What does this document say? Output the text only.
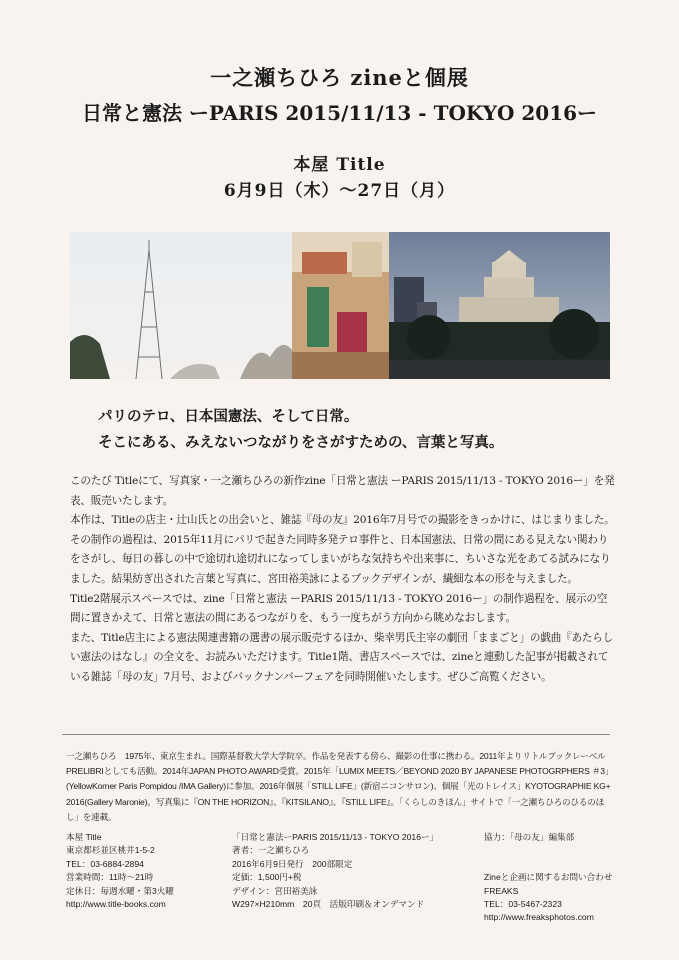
一之瀬ちひろ zineと個展
日常と憲法 ーPARIS 2015/11/13 - TOKYO 2016ー
本屋 Title
6月9日（木）〜27日（月）
パリのテロ、日本国憲法、そして日常。
そこにある、みえないつながりをさがすための、言葉と写真。

このたび Titleにて、写真家・一之瀬ちひろの新作zine「日常と憲法 ーPARIS 2015/11/13 - TOKYO 2016ー」を発表、販売いたします。

本作は、Titleの店主・辻山氏との出会いと、雑誌『母の友』2016年7月号での撮影をきっかけに、はじまりました。その制作の過程は、2015年11月にパリで起きた同時多発テロ事件と、日本国憲法、日常の間にある見えない関わりをさがし、毎日の暮しの中で途切れ途切れになってしまいがちな気持ちや出来事に、ちいさな光をあてる試みになりました。結果紡ぎ出された言葉と写真に、宮田裕美詠によるブックデザインが、繊細な本の形を与えました。

Title2階展示スペースでは、zine「日常と憲法 ーPARIS 2015/11/13 - TOKYO 2016ー」の制作過程を、展示の空間に置きかえて、日常と憲法の間にあるつながりを、もう一度ちがう方向から眺めなおします。

また、Title店主による憲法関連書籍の選書の展示販売するほか、柴幸男氏主宰の劇団「ままごと」の戯曲『あたらしい憲法のはなし』の全文を、お読みいただけます。Title1階、書店スペースでは、zineと連動した記事が掲載されている雑誌「母の友」7月号、およびバックナンバーフェアを同時開催いたします。ぜひご高覧ください。

一之瀬ちひろ　1975年、東京生まれ。国際基督教大学大学院卒。作品を発表する傍ら、撮影の仕事に携わる。2011年よりリトルプックレーベル PRELIBRIとしても活動。2014年JAPAN PHOTO AWARD受賞。2015年「LUMIX MEETS／BEYOND 2020 BY JAPANESE PHOTOGRPHERS ＃3」(YellowKorner Paris Pompidou /IMA Gallery)に参加。2016年個展「STILL LIFE」(新宿ニコンサロン)、個展「光のトレイス」KYOTOGRAPHIE KG+ 2016(Gallery Maronie)。写真集に『ON THE HORIZON』、『KITSILANO』、『STILL LIFE』。「くらしのきほん」サイトで「一之瀬ちひろのひるのほし」を連載。
本屋 Title
東京都杉並区桃井1-5-2
TEL：03-6884-2894
営業時間：11時〜21時
定休日：毎週水曜・第3火曜
http://www.title-books.com
「日常と憲法ーPARIS 2015/11/13 - TOKYO 2016ー」
著者：一之瀬ちひろ
2016年6月9日発行　200部限定
定価：1,500円+税
デザイン：宮田裕美詠
W297×H210mm　20頁　活版印刷＆オンデマンド
協力：「母の友」編集部
Zineと企画に関するお問い合わせ
FREAKS
TEL：03-5467-2323
http://www.freaksphotos.com
